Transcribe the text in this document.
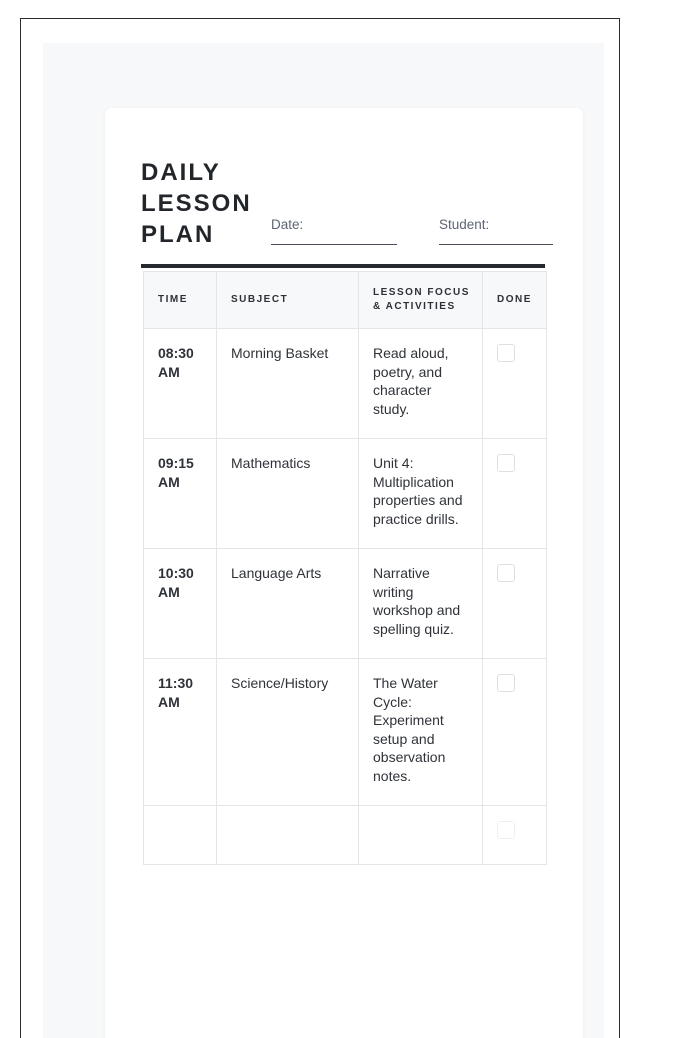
DAILY
LESSON
PLAN	Date:	Student:
TIME	SUBJECT	LESSON FOCUS & ACTIVITIES	DONE
08:30 AM	Morning Basket	Read aloud, poetry, and character study.	
09:15 AM	Mathematics	Unit 4: Multiplication properties and practice drills.	
10:30 AM	Language Arts	Narrative writing workshop and spelling quiz.	
11:30 AM	Science/History	The Water Cycle: Experiment setup and observation notes.	
